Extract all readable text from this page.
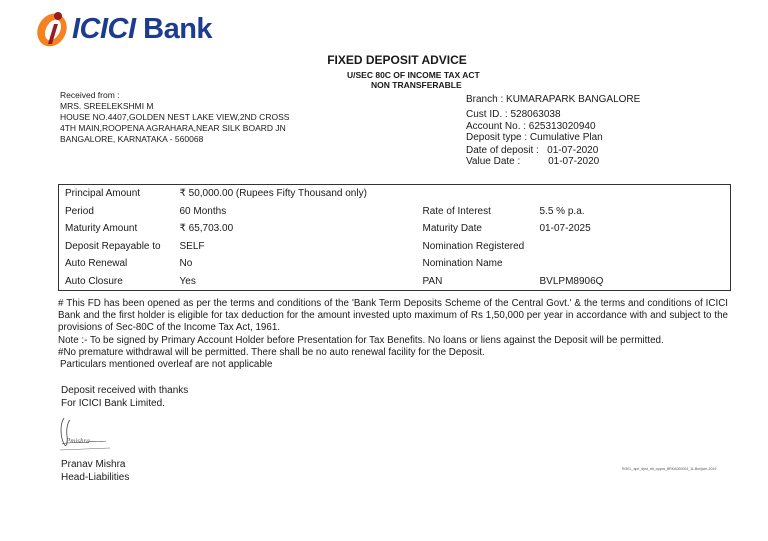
ICICI Bank
FIXED DEPOSIT ADVICE
U/SEC 80C OF INCOME TAX ACT
NON TRANSFERABLE
Received from :
MRS. SREELEKSHMI M
HOUSE NO.4407,GOLDEN NEST LAKE VIEW,2ND CROSS
4TH MAIN,ROOPENA AGRAHARA,NEAR SILK BOARD JN
BANGALORE, KARNATAKA - 560068
Branch : KUMARAPARK BANGALORE
Cust ID. : 528063038
Account No. : 625313020940
Deposit type : Cumulative Plan
Date of deposit :   01-07-2020
Value Date :          01-07-2020
Principal Amount	₹ 50,000.00 (Rupees Fifty Thousand only)		
Period	60 Months	Rate of Interest	5.5 % p.a.
Maturity Amount	₹ 65,703.00	Maturity Date	01-07-2025
Deposit Repayable to	SELF	Nomination Registered	
Auto Renewal	No	Nomination Name	
Auto Closure	Yes	PAN	BVLPM8906Q

# This FD has been opened as per the terms and conditions of the 'Bank Term Deposits Scheme of the Central Govt.' & the terms and conditions of ICICI Bank and the first holder is eligible for tax deduction for the amount invested upto maximum of Rs 1,50,000 per year in accordance with and subject to the provisions of Sec-80C of the Income Tax Act, 1961.

Note :- To be signed by Primary Account Holder before Presentation for Tax Benefits. No loans or liens against the Deposit will be permitted.

#No premature withdrawal will be permitted. There shall be no auto renewal facility for the Deposit.

Particulars mentioned overleaf are not applicable

Deposit received with thanks
For ICICI Bank Limited.
Pmishra
Pranav Mishra
Head-Liabilities
RGEL_aprl_dpst_fdt_cyqna_BRKA000004_11-Bm/jwm-2019
